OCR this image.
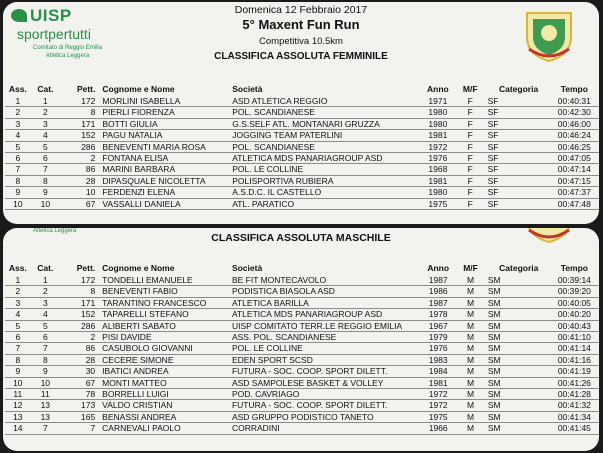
UISP
sportpertutti
Comitato di Reggio Emilia
Atletica Leggera
Domenica 12 Febbraio 2017
5° Maxent Fun Run
Competitiva 10.5km
CLASSIFICA ASSOLUTA FEMMINILE
Ass.	Cat.	Pett.	Cognome e Nome	Società	Anno	M/F	Categoria	Tempo
1	1	172	MORLINI ISABELLA	ASD ATLETICA REGGIO	1971	F	SF	00:40:31
2	2	8	PIERLI FIORENZA	POL. SCANDIANESE	1980	F	SF	00:42:30
3	3	171	BOTTI GIULIA	G.S.SELF ATL. MONTANARI GRUZZA	1980	F	SF	00:46:00
4	4	152	PAGU NATALIA	JOGGING TEAM PATERLINI	1981	F	SF	00:46:24
5	5	286	BENEVENTI MARIA ROSA	POL. SCANDIANESE	1972	F	SF	00:46:25
6	6	2	FONTANA ELISA	ATLETICA MDS PANARIAGROUP ASD	1976	F	SF	00:47:05
7	7	86	MARINI BARBARA	POL. LE COLLINE	1968	F	SF	00:47:14
8	8	28	DIPASQUALE NICOLETTA	POLISPORTIVA RUBIERA	1981	F	SF	00:47:15
9	9	10	FERDENZI ELENA	A.S.D.C. IL CASTELLO	1980	F	SF	00:47:37
10	10	67	VASSALLI DANIELA	ATL. PARATICO	1975	F	SF	00:47:48
Atletica Leggera
CLASSIFICA ASSOLUTA MASCHILE
Ass.	Cat.	Pett.	Cognome e Nome	Società	Anno	M/F	Categoria	Tempo
1	1	172	TONDELLI EMANUELE	BE FIT MONTECAVOLO	1987	M	SM	00:39:14
2	2	8	BENEVENTI FABIO	PODISTICA BIASOLA ASD	1986	M	SM	00:39:20
3	3	171	TARANTINO FRANCESCO	ATLETICA BARILLA	1987	M	SM	00:40:05
4	4	152	TAPARELLI STEFANO	ATLETICA MDS PANARIAGROUP ASD	1978	M	SM	00:40:20
5	5	286	ALIBERTI SABATO	UISP COMITATO TERR.LE REGGIO EMILIA	1967	M	SM	00:40:43
6	6	2	PISI DAVIDE	ASS. POL. SCANDIANESE	1979	M	SM	00:41:10
7	7	86	CASUBOLO GIOVANNI	POL. LE COLLINE	1976	M	SM	00:41:14
8	8	28	CECERE SIMONE	EDEN SPORT SCSD	1983	M	SM	00:41:16
9	9	30	IBATICI ANDREA	FUTURA - SOC. COOP. SPORT DILETT.	1984	M	SM	00:41:19
10	10	67	MONTI MATTEO	ASD SAMPOLESE BASKET & VOLLEY	1981	M	SM	00:41:26
11	11	78	BORRELLI LUIGI	POD. CAVRIAGO	1972	M	SM	00:41:28
12	13	173	VALDO CRISTIAN	FUTURA - SOC. COOP. SPORT DILETT.	1972	M	SM	00:41:32
13	13	165	BENASSI ANDREA	ASD GRUPPO PODISTICO TANETO	1975	M	SM	00:41:34
14	7	7	CARNEVALI PAOLO	CORRADINI	1966	M	SM	00:41:45
